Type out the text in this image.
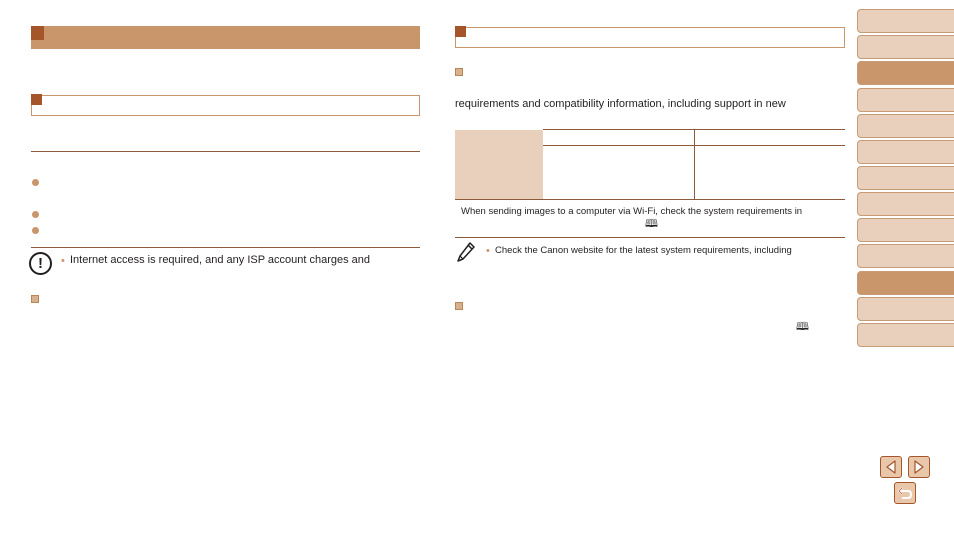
!	• Internet access is required, and any ISP account charges and
requirements and compatibility information, including support in new
When sending images to a computer via Wi-Fi, check the system requirements in
🕮
• Check the Canon website for the latest system requirements, including
🕮
